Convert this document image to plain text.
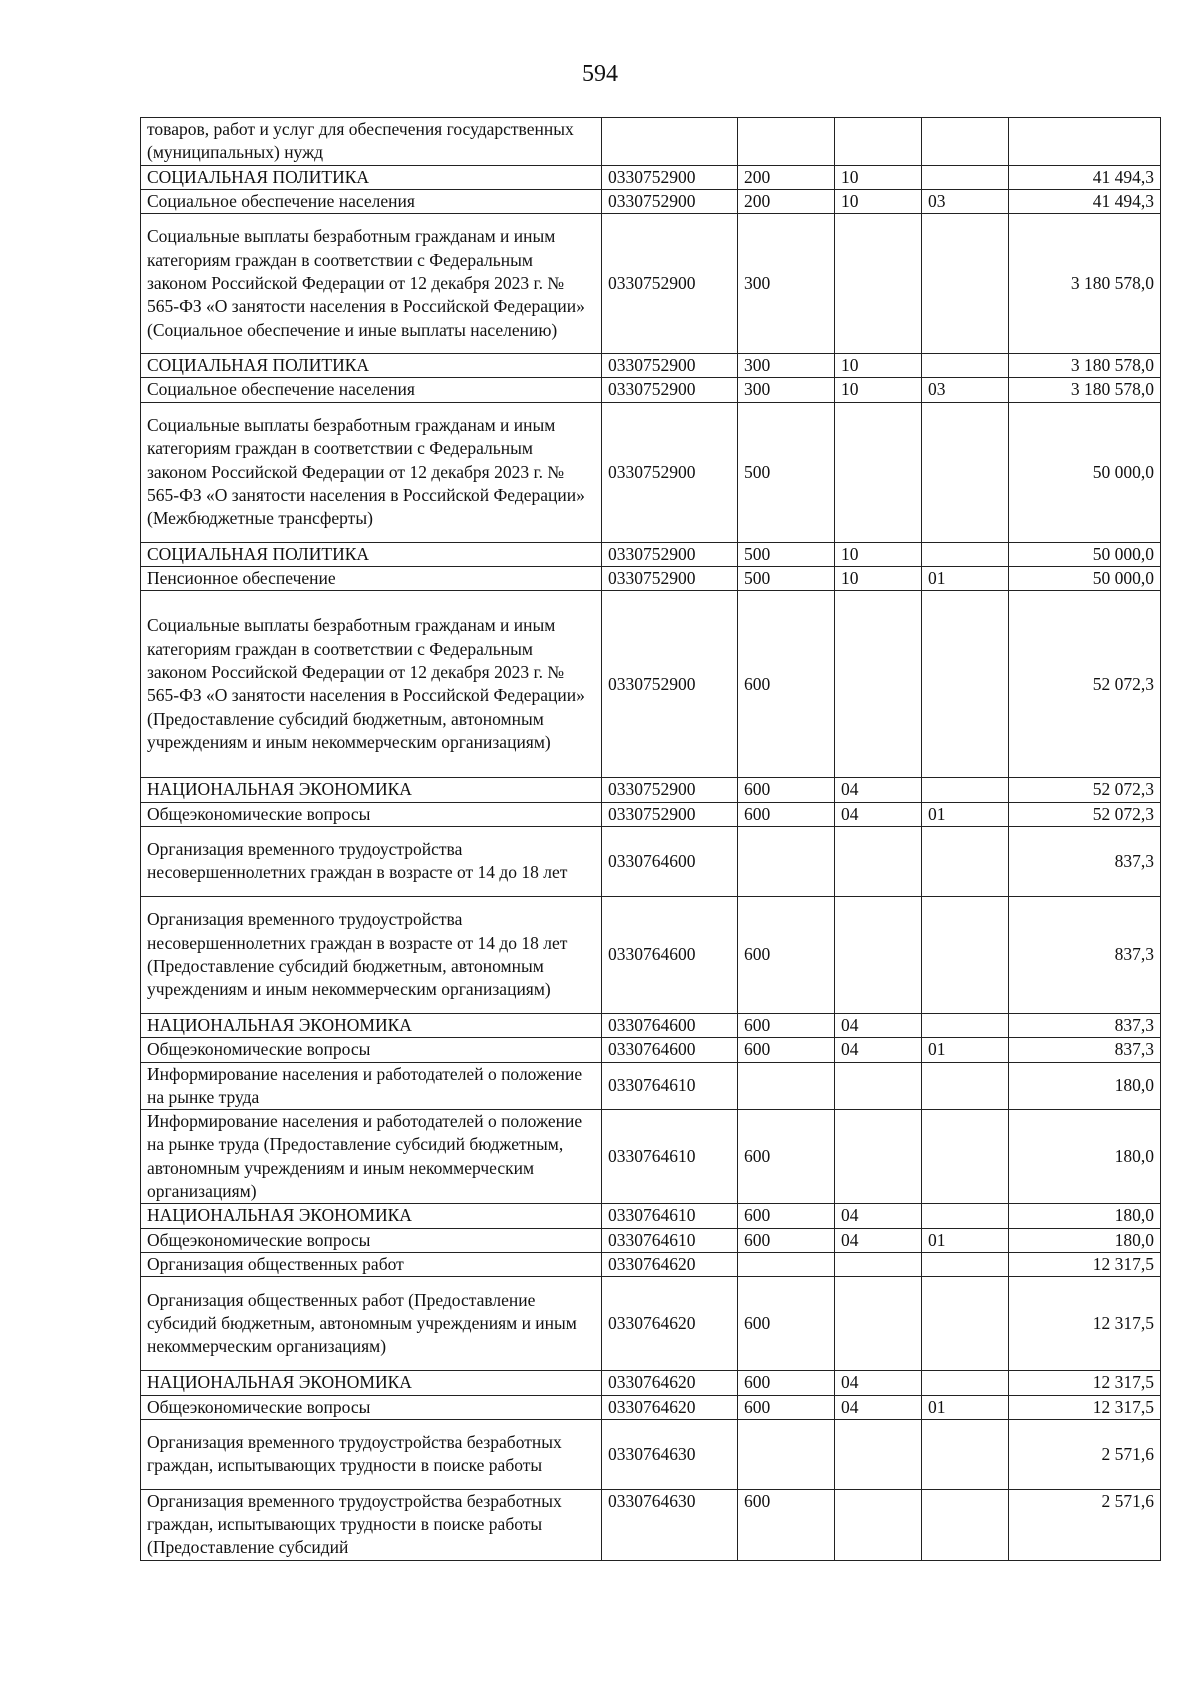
594
товаров, работ и услуг для обеспечения государственных (муниципальных) нужд					
СОЦИАЛЬНАЯ ПОЛИТИКА	0330752900	200	10		41 494,3
Социальное обеспечение населения	0330752900	200	10	03	41 494,3
Социальные выплаты безработным гражданам и иным категориям граждан в соответствии с Федеральным законом Российской Федерации от 12 декабря 2023 г. № 565-ФЗ «О занятости населения в Российской Федерации» (Социальное обеспечение и иные выплаты населению)	0330752900	300			3 180 578,0
СОЦИАЛЬНАЯ ПОЛИТИКА	0330752900	300	10		3 180 578,0
Социальное обеспечение населения	0330752900	300	10	03	3 180 578,0
Социальные выплаты безработным гражданам и иным категориям граждан в соответствии с Федеральным законом Российской Федерации от 12 декабря 2023 г. № 565-ФЗ «О занятости населения в Российской Федерации» (Межбюджетные трансферты)	0330752900	500			50 000,0
СОЦИАЛЬНАЯ ПОЛИТИКА	0330752900	500	10		50 000,0
Пенсионное обеспечение	0330752900	500	10	01	50 000,0
Социальные выплаты безработным гражданам и иным категориям граждан в соответствии с Федеральным законом Российской Федерации от 12 декабря 2023 г. № 565-ФЗ «О занятости населения в Российской Федерации» (Предоставление субсидий бюджетным, автономным учреждениям и иным некоммерческим организациям)	0330752900	600			52 072,3
НАЦИОНАЛЬНАЯ ЭКОНОМИКА	0330752900	600	04		52 072,3
Общеэкономические вопросы	0330752900	600	04	01	52 072,3
Организация временного трудоустройства несовершеннолетних граждан в возрасте от 14 до 18 лет	0330764600				837,3
Организация временного трудоустройства несовершеннолетних граждан в возрасте от 14 до 18 лет (Предоставление субсидий бюджетным, автономным учреждениям и иным некоммерческим организациям)	0330764600	600			837,3
НАЦИОНАЛЬНАЯ ЭКОНОМИКА	0330764600	600	04		837,3
Общеэкономические вопросы	0330764600	600	04	01	837,3
Информирование населения и работодателей о положение на рынке труда	0330764610				180,0
Информирование населения и работодателей о положение на рынке труда (Предоставление субсидий бюджетным, автономным учреждениям и иным некоммерческим организациям)	0330764610	600			180,0
НАЦИОНАЛЬНАЯ ЭКОНОМИКА	0330764610	600	04		180,0
Общеэкономические вопросы	0330764610	600	04	01	180,0
Организация общественных работ	0330764620				12 317,5
Организация общественных работ (Предоставление субсидий бюджетным, автономным учреждениям и иным некоммерческим организациям)	0330764620	600			12 317,5
НАЦИОНАЛЬНАЯ ЭКОНОМИКА	0330764620	600	04		12 317,5
Общеэкономические вопросы	0330764620	600	04	01	12 317,5
Организация временного трудоустройства безработных граждан, испытывающих трудности в поиске работы	0330764630				2 571,6
Организация временного трудоустройства безработных граждан, испытывающих трудности в поиске работы (Предоставление субсидий	0330764630	600			2 571,6
